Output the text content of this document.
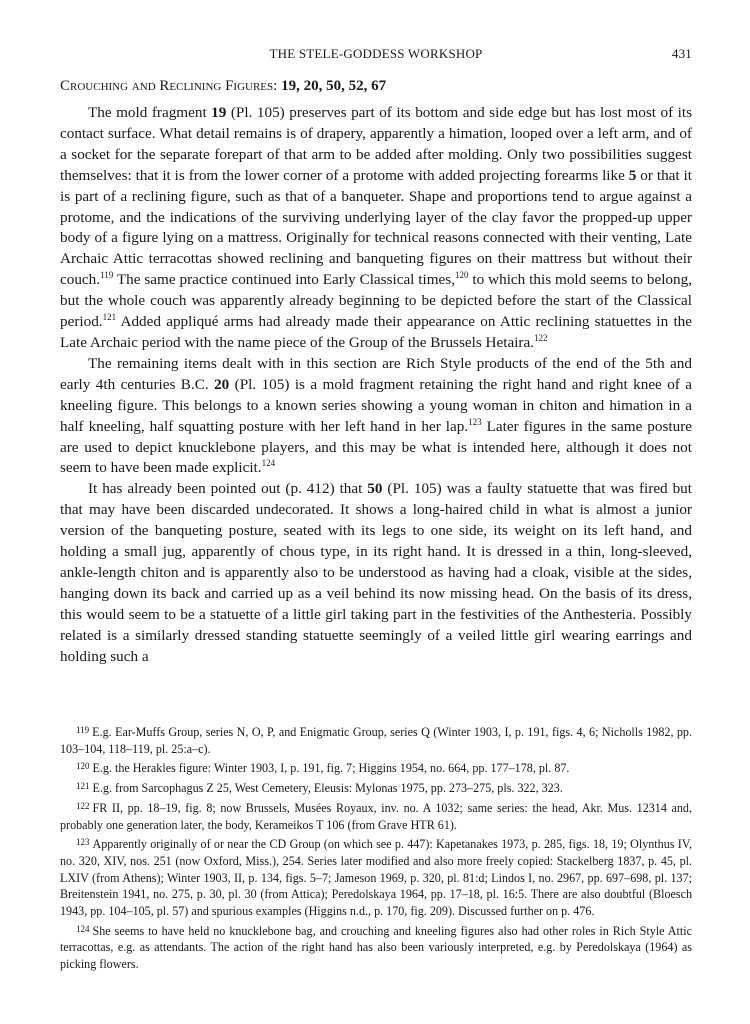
THE STELE-GODDESS WORKSHOP	431
Crouching and Reclining Figures: 19, 20, 50, 52, 67

The mold fragment 19 (Pl. 105) preserves part of its bottom and side edge but has lost most of its contact surface. What detail remains is of drapery, apparently a himation, looped over a left arm, and of a socket for the separate forepart of that arm to be added after molding. Only two possibilities suggest themselves: that it is from the lower corner of a protome with added projecting forearms like 5 or that it is part of a reclining figure, such as that of a banqueter. Shape and proportions tend to argue against a protome, and the indications of the surviving underlying layer of the clay favor the propped-up upper body of a figure lying on a mattress. Originally for technical reasons connected with their venting, Late Archaic Attic terracottas showed reclining and banqueting figures on their mattress but without their couch.$^{119}$ The same practice continued into Early Classical times,$^{120}$ to which this mold seems to belong, but the whole couch was apparently already beginning to be depicted before the start of the Classical period.$^{121}$ Added appliqué arms had already made their appearance on Attic reclining statuettes in the Late Archaic period with the name piece of the Group of the Brussels Hetaira.$^{122}$

The remaining items dealt with in this section are Rich Style products of the end of the 5th and early 4th centuries B.C. 20 (Pl. 105) is a mold fragment retaining the right hand and right knee of a kneeling figure. This belongs to a known series showing a young woman in chiton and himation in a half kneeling, half squatting posture with her left hand in her lap.$^{123}$ Later figures in the same posture are used to depict knucklebone players, and this may be what is intended here, although it does not seem to have been made explicit.$^{124}$

It has already been pointed out (p. 412) that 50 (Pl. 105) was a faulty statuette that was fired but that may have been discarded undecorated. It shows a long-haired child in what is almost a junior version of the banqueting posture, seated with its legs to one side, its weight on its left hand, and holding a small jug, apparently of chous type, in its right hand. It is dressed in a thin, long-sleeved, ankle-length chiton and is apparently also to be understood as having had a cloak, visible at the sides, hanging down its back and carried up as a veil behind its now missing head. On the basis of its dress, this would seem to be a statuette of a little girl taking part in the festivities of the Anthesteria. Possibly related is a similarly dressed standing statuette seemingly of a veiled little girl wearing earrings and holding such a

$^{119}$ E.g. Ear-Muffs Group, series N, O, P, and Enigmatic Group, series Q (Winter 1903, I, p. 191, figs. 4, 6; Nicholls 1982, pp. 103–104, 118–119, pl. 25:a–c).

$^{120}$ E.g. the Herakles figure: Winter 1903, I, p. 191, fig. 7; Higgins 1954, no. 664, pp. 177–178, pl. 87.

$^{121}$ E.g. from Sarcophagus Z 25, West Cemetery, Eleusis: Mylonas 1975, pp. 273–275, pls. 322, 323.

$^{122}$ FR II, pp. 18–19, fig. 8; now Brussels, Musées Royaux, inv. no. A 1032; same series: the head, Akr. Mus. 12314 and, probably one generation later, the body, Kerameikos T 106 (from Grave HTR 61).

$^{123}$ Apparently originally of or near the CD Group (on which see p. 447): Kapetanakes 1973, p. 285, figs. 18, 19; Olynthus IV, no. 320, XIV, nos. 251 (now Oxford, Miss.), 254. Series later modified and also more freely copied: Stackelberg 1837, p. 45, pl. LXIV (from Athens); Winter 1903, II, p. 134, figs. 5–7; Jameson 1969, p. 320, pl. 81:d; Lindos I, no. 2967, pp. 697–698, pl. 137; Breitenstein 1941, no. 275, p. 30, pl. 30 (from Attica); Peredolskaya 1964, pp. 17–18, pl. 16:5. There are also doubtful (Bloesch 1943, pp. 104–105, pl. 57) and spurious examples (Higgins n.d., p. 170, fig. 209). Discussed further on p. 476.

$^{124}$ She seems to have held no knucklebone bag, and crouching and kneeling figures also had other roles in Rich Style Attic terracottas, e.g. as attendants. The action of the right hand has also been variously interpreted, e.g. by Peredolskaya (1964) as picking flowers.
